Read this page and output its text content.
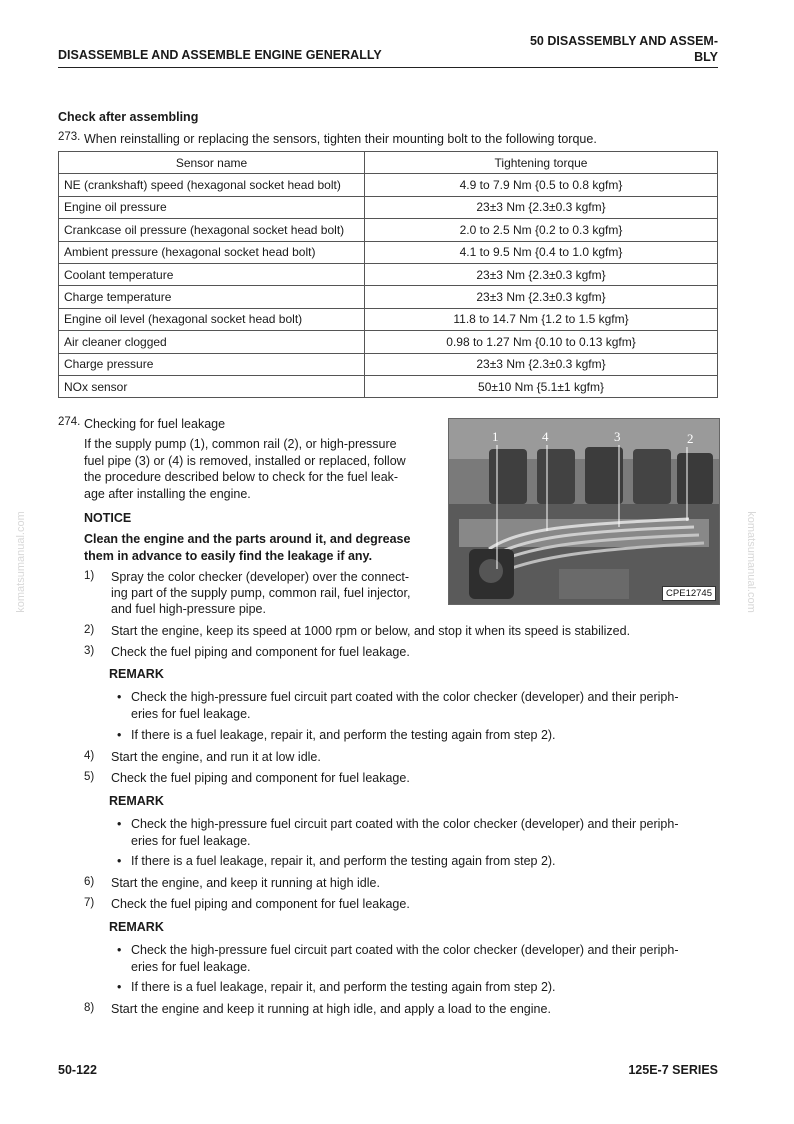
DISASSEMBLE AND ASSEMBLE ENGINE GENERALLY
50 DISASSEMBLY AND ASSEM-
BLY
komatsumanual.com	komatsumanual.com
Check after assembling
273. When reinstalling or replacing the sensors, tighten their mounting bolt to the following torque.
Sensor name	Tightening torque
NE (crankshaft) speed (hexagonal socket head bolt)	4.9 to 7.9 Nm {0.5 to 0.8 kgfm}
Engine oil pressure	23±3 Nm {2.3±0.3 kgfm}
Crankcase oil pressure (hexagonal socket head bolt)	2.0 to 2.5 Nm {0.2 to 0.3 kgfm}
Ambient pressure (hexagonal socket head bolt)	4.1 to 9.5 Nm {0.4 to 1.0 kgfm}
Coolant temperature	23±3 Nm {2.3±0.3 kgfm}
Charge temperature	23±3 Nm {2.3±0.3 kgfm}
Engine oil level (hexagonal socket head bolt)	11.8 to 14.7 Nm {1.2 to 1.5 kgfm}
Air cleaner clogged	0.98 to 1.27 Nm {0.10 to 0.13 kgfm}
Charge pressure	23±3 Nm {2.3±0.3 kgfm}
NOx sensor	50±10 Nm {5.1±1 kgfm}
274. Checking for fuel leakage
If the supply pump (1), common rail (2), or high-pressure
fuel pipe (3) or (4) is removed, installed or replaced, follow
the procedure described below to check for the fuel leak-
age after installing the engine.
NOTICE
Clean the engine and the parts around it, and degrease
them in advance to easily find the leakage if any.
1	4	3	2
CPE12745
1) Spray the color checker (developer) over the connect-
ing part of the supply pump, common rail, fuel injector,
and fuel high-pressure pipe.
2) Start the engine, keep its speed at 1000 rpm or below, and stop it when its speed is stabilized.
3) Check the fuel piping and component for fuel leakage.
REMARK
• Check the high-pressure fuel circuit part coated with the color checker (developer) and their periph-
eries for fuel leakage.
• If there is a fuel leakage, repair it, and perform the testing again from step 2).
4) Start the engine, and run it at low idle.
5) Check the fuel piping and component for fuel leakage.
REMARK
• Check the high-pressure fuel circuit part coated with the color checker (developer) and their periph-
eries for fuel leakage.
• If there is a fuel leakage, repair it, and perform the testing again from step 2).
6) Start the engine, and keep it running at high idle.
7) Check the fuel piping and component for fuel leakage.
REMARK
• Check the high-pressure fuel circuit part coated with the color checker (developer) and their periph-
eries for fuel leakage.
• If there is a fuel leakage, repair it, and perform the testing again from step 2).
8) Start the engine and keep it running at high idle, and apply a load to the engine.
50-122	125E-7 SERIES
